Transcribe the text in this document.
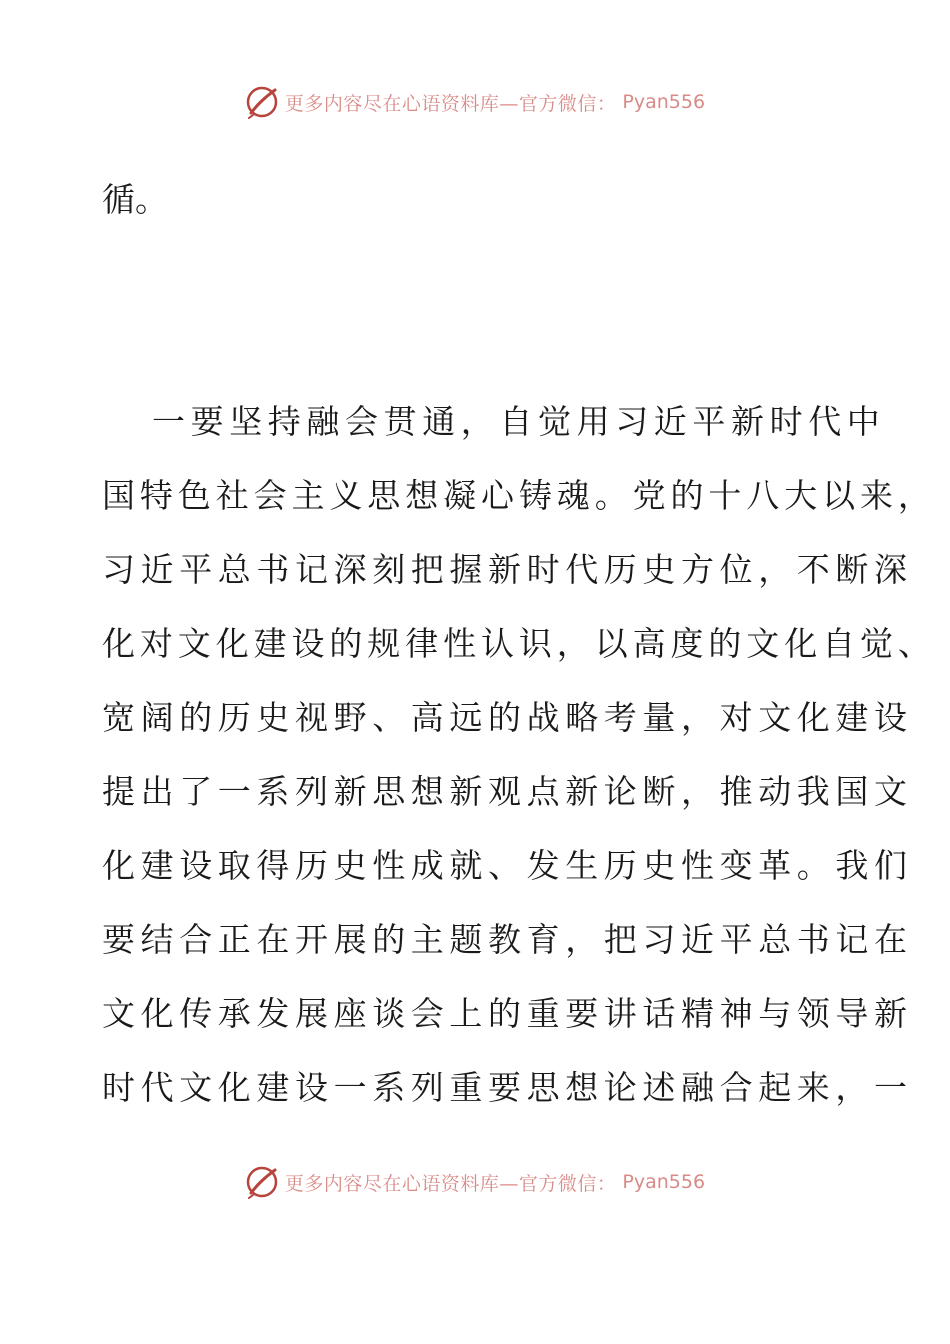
更多内容尽在心语资料库—官方微信： Pyan556
循。
一要坚持融会贯通，自觉用习近平新时代中
国特色社会主义思想凝心铸魂。党的十八大以来，
习近平总书记深刻把握新时代历史方位，不断深
化对文化建设的规律性认识，以高度的文化自觉、
宽阔的历史视野、高远的战略考量，对文化建设
提出了一系列新思想新观点新论断，推动我国文
化建设取得历史性成就、发生历史性变革。我们
要结合正在开展的主题教育，把习近平总书记在
文化传承发展座谈会上的重要讲话精神与领导新
时代文化建设一系列重要思想论述融合起来，一
更多内容尽在心语资料库—官方微信： Pyan556
